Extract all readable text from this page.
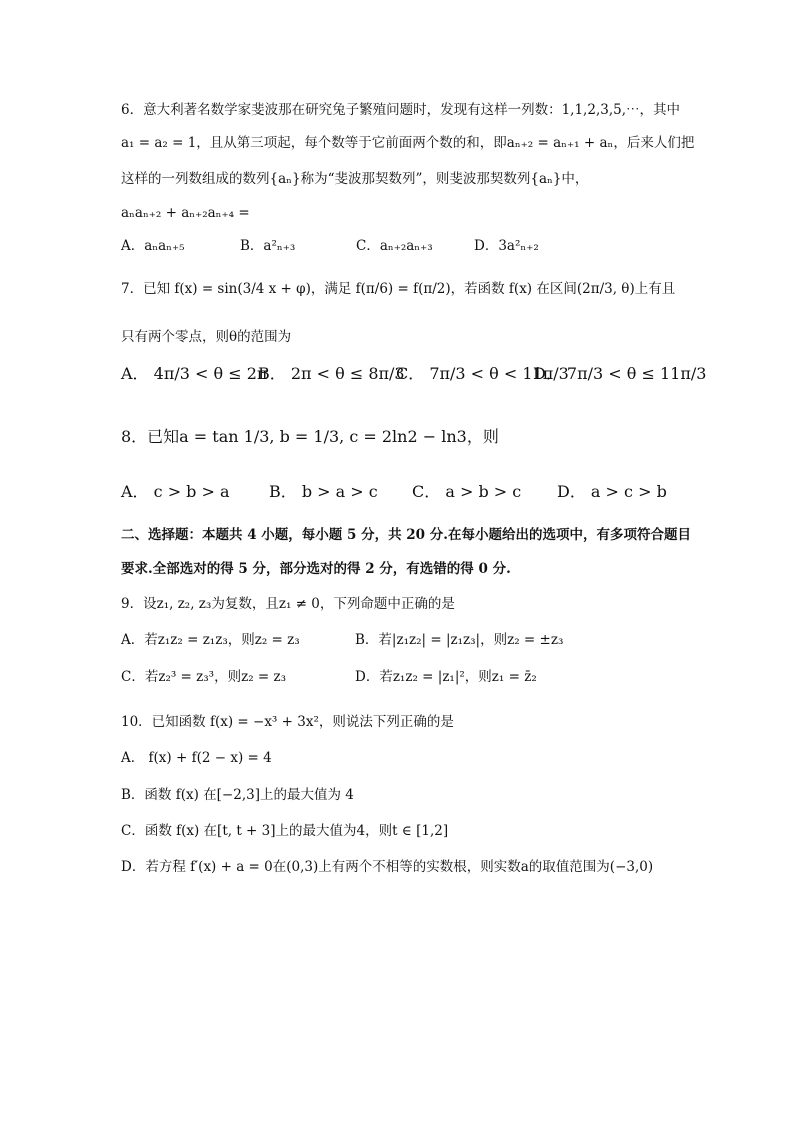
6．意大利著名数学家斐波那在研究兔子繁殖问题时，发现有这样一列数：1,1,2,3,5,⋯，其中
a₁ = a₂ = 1，且从第三项起，每个数等于它前面两个数的和，即aₙ₊₂ = aₙ₊₁ + aₙ，后来人们把
这样的一列数组成的数列{aₙ}称为“斐波那契数列”，则斐波那契数列{aₙ}中，
aₙaₙ₊₂ + aₙ₊₂aₙ₊₄ =
A．aₙaₙ₊₅	B．a²ₙ₊₃	C．aₙ₊₂aₙ₊₃	D．3a²ₙ₊₂
7．已知 f(x) = sin(3/4 x + φ)，满足 f(π/6) = f(π/2)，若函数 f(x) 在区间(2π/3, θ)上有且
只有两个零点，则θ的范围为
A． 4π/3 < θ ≤ 2π
B． 2π < θ ≤ 8π/3
C． 7π/3 < θ < 11π/3
D． 7π/3 < θ ≤ 11π/3
8．已知a = tan 1/3, b = 1/3, c = 2ln2 − ln3，则
A． c > b > a B． b > a > c C． a > b > c D． a > c > b
二、选择题：本题共 4 小题，每小题 5 分，共 20 分.在每小题给出的选项中，有多项符合题目
要求.全部选对的得 5 分，部分选对的得 2 分，有选错的得 0 分.
9．设z₁, z₂, z₃为复数，且z₁ ≠ 0，下列命题中正确的是
A．若z₁z₂ = z₁z₃，则z₂ = z₃	B．若|z₁z₂| = |z₁z₃|，则z₂ = ±z₃
C．若z₂³ = z₃³，则z₂ = z₃	D．若z₁z₂ = |z₁|²，则z₁ = z̄₂
10．已知函数 f(x) = −x³ + 3x²，则说法下列正确的是
A． f(x) + f(2 − x) = 4
B．函数 f(x) 在[−2,3]上的最大值为 4
C．函数 f(x) 在[t, t + 3]上的最大值为4，则t ∈ [1,2]
D．若方程 f′(x) + a = 0在(0,3)上有两个不相等的实数根，则实数a的取值范围为(−3,0)
